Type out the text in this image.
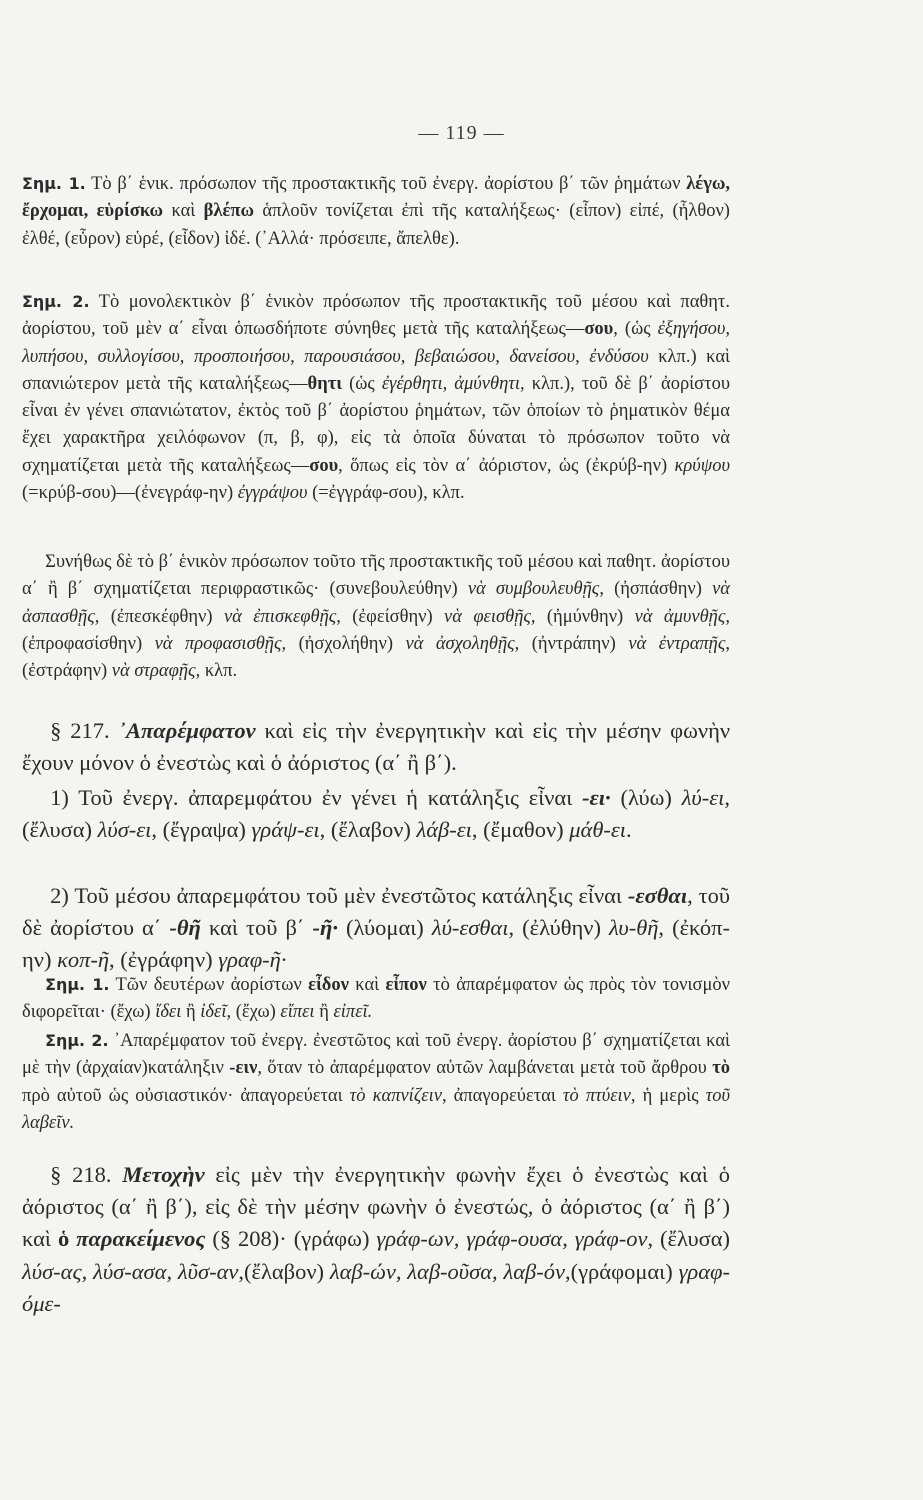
— 119 —
Σημ. 1. Τὸ β΄ ἑνικ. πρόσωπον τῆς προστακτικῆς τοῦ ἐνεργ. ἀορίστου β΄ τῶν ῥημάτων λέγω, ἔρχομαι, εὑρίσκω καὶ βλέπω ἁπλοῦν τονίζεται ἐπὶ τῆς καταλήξεως· (εἶπον) εἰπέ, (ἦλθον) ἐλθέ, (εὗρον) εὑρέ, (εἶδον) ἰδέ. (᾿Αλλά· πρόσειπε, ἄπελθε).
Σημ. 2. Τὸ μονολεκτικὸν β΄ ἑνικὸν πρόσωπον τῆς προστακτικῆς τοῦ μέσου καὶ παθητ. ἀορίστου, τοῦ μὲν α΄ εἶναι ὁπωσδήποτε σύνηθες μετὰ τῆς καταλήξεως—σου, (ὡς ἐξηγήσου, λυπήσου, συλλογίσου, προσποιήσου, παρουσιάσου, βεβαιώσου, δανείσου, ἐνδύσου κλπ.) καὶ σπανιώτερον μετὰ τῆς καταλήξεως—θητι (ὡς ἐγέρθητι, ἀμύνθητι, κλπ.), τοῦ δὲ β΄ ἀορίστου εἶναι ἐν γένει σπανιώτατον, ἐκτὸς τοῦ β΄ ἀορίστου ῥημάτων, τῶν ὁποίων τὸ ῥηματικὸν θέμα ἔχει χαρακτῆρα χειλόφωνον (π, β, φ), εἰς τὰ ὁποῖα δύναται τὸ πρόσωπον τοῦτο νὰ σχηματίζεται μετὰ τῆς καταλήξεως—σου, ὅπως εἰς τὸν α΄ ἀόριστον, ὡς (ἐκρύβ-ην) κρύψου (=κρύβ-σου)—(ἐνεγράφ-ην) ἐγγράψου (=ἐγγράφ-σου), κλπ.
Συνήθως δὲ τὸ β΄ ἑνικὸν πρόσωπον τοῦτο τῆς προστακτικῆς τοῦ μέσου καὶ παθητ. ἀορίστου α΄ ἢ β΄ σχηματίζεται περιφραστικῶς· (συνεβουλεύθην) νὰ συμβουλευθῇς, (ἠσπάσθην) νὰ ἀσπασθῇς, (ἐπεσκέφθην) νὰ ἐπισκεφθῇς, (ἐφείσθην) νὰ φεισθῇς, (ἠμύνθην) νὰ ἀμυνθῇς, (ἐπροφασίσθην) νὰ προφασισθῇς, (ἠσχολήθην) νὰ ἀσχοληθῇς, (ἠντράπην) νὰ ἐντραπῇς, (ἐστράφην) νὰ στραφῇς, κλπ.
§ 217. ᾿Απαρέμφατον καὶ εἰς τὴν ἐνεργητικὴν καὶ εἰς τὴν μέσην φωνὴν ἔχουν μόνον ὁ ἐνεστὼς καὶ ὁ ἀόριστος (α΄ ἢ β΄).
1) Τοῦ ἐνεργ. ἀπαρεμφάτου ἐν γένει ἡ κατάληξις εἶναι -ει· (λύω) λύ-ει, (ἔλυσα) λύσ-ει, (ἔγραψα) γράψ-ει, (ἔλαβον) λάβ-ει, (ἔμαθον) μάθ-ει.
2) Τοῦ μέσου ἀπαρεμφάτου τοῦ μὲν ἐνεστῶτος κατάληξις εἶναι -εσθαι, τοῦ δὲ ἀορίστου α΄ -θῆ καὶ τοῦ β΄ -ῆ· (λύομαι) λύ-εσθαι, (ἐλύθην) λυ-θῆ, (ἐκόπ-ην) κοπ-ῆ, (ἐγράφην) γραφ-ῆ·
Σημ. 1. Τῶν δευτέρων ἀορίστων εἶδον καὶ εἶπον τὸ ἀπαρέμφατον ὡς πρὸς τὸν τονισμὸν διφορεῖται· (ἔχω) ἴδει ἢ ἰδεῖ, (ἔχω) εἴπει ἢ εἰπεῖ.
Σημ. 2. ᾿Απαρέμφατον τοῦ ἐνεργ. ἐνεστῶτος καὶ τοῦ ἐνεργ. ἀορίστου β΄ σχηματίζεται καὶ μὲ τὴν (ἀρχαίαν)κατάληξιν -ειν, ὅταν τὸ ἀπαρέμφατον αὐτῶν λαμβάνεται μετὰ τοῦ ἄρθρου τὸ πρὸ αὐτοῦ ὡς οὐσιαστικόν· ἀπαγορεύεται τὸ καπνίζειν, ἀπαγορεύεται τὸ πτύειν, ἡ μερὶς τοῦ λαβεῖν.
§ 218. Μετοχὴν εἰς μὲν τὴν ἐνεργητικὴν φωνὴν ἔχει ὁ ἐνεστὼς καὶ ὁ ἀόριστος (α΄ ἢ β΄), εἰς δὲ τὴν μέσην φωνὴν ὁ ἐνεστώς, ὁ ἀόριστος (α΄ ἢ β΄) καὶ ὁ παρακείμενος (§ 208)· (γράφω) γράφ-ων, γράφ-ουσα, γράφ-ον, (ἔλυσα) λύσ-ας, λύσ-ασα, λῦσ-αν,(ἔλαβον) λαβ-ών, λαβ-οῦσα, λαβ-όν,(γράφομαι) γραφ-όμε-
